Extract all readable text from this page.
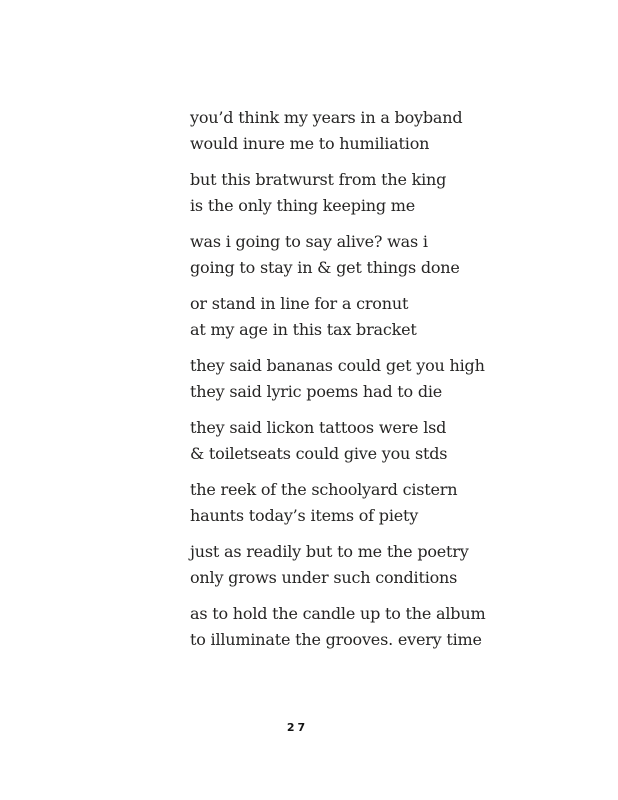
you’d think my years in a boyband
would inure me to humiliation
but this bratwurst from the king
is the only thing keeping me
was i going to say alive? was i
going to stay in & get things done
or stand in line for a cronut
at my age in this tax bracket
they said bananas could get you high
they said lyric poems had to die
they said lickon tattoos were lsd
& toiletseats could give you stds
the reek of the schoolyard cistern
haunts today’s items of piety
just as readily but to me the poetry
only grows under such conditions
as to hold the candle up to the album
to illuminate the grooves. every time
27
